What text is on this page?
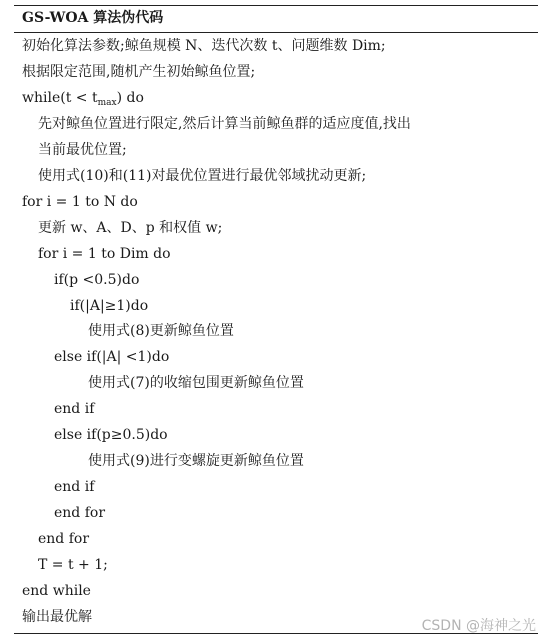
GS-WOA 算法伪代码
初始化算法参数;鲸鱼规模 N、迭代次数 t、问题维数 Dim;
根据限定范围,随机产生初始鲸鱼位置;
while(t < $t_{max}$) do
先对鲸鱼位置进行限定,然后计算当前鲸鱼群的适应度值,找出
当前最优位置;
使用式(10)和(11)对最优位置进行最优邻域扰动更新;
for i = 1 to N do
更新 w、A、D、p 和权值 w;
for i = 1 to Dim do
if(p <0.5)do
if(|A|≥1)do
使用式(8)更新鲸鱼位置
else if(|A| <1)do
使用式(7)的收缩包围更新鲸鱼位置
end if
else if(p≥0.5)do
使用式(9)进行变螺旋更新鲸鱼位置
end if
end for
end for
T = t + 1;
end while
输出最优解
CSDN @海神之光
